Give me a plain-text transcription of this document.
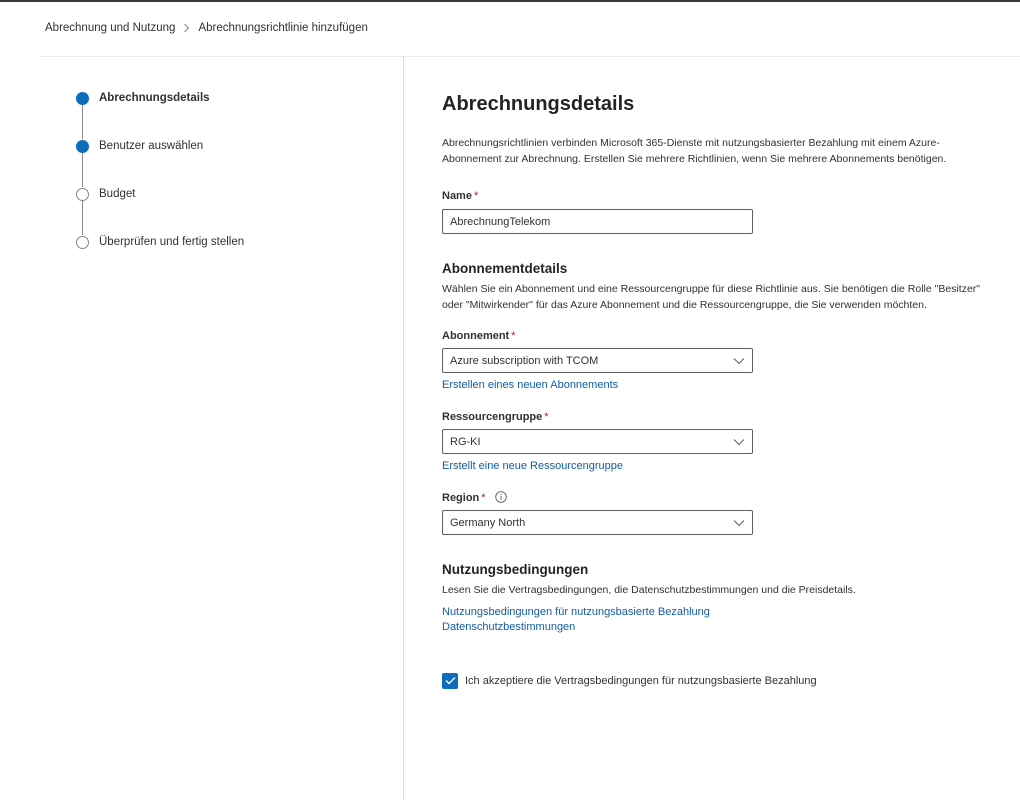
Abrechnung und Nutzung Abrechnungsrichtlinie hinzufügen
Abrechnungsdetails
Benutzer auswählen
Budget
Überprüfen und fertig stellen
Abrechnungsdetails

Abrechnungsrichtlinien verbinden Microsoft 365-Dienste mit nutzungsbasierter Bezahlung mit einem Azure-Abonnement zur Abrechnung. Erstellen Sie mehrere Richtlinien, wenn Sie mehrere Abonnements benötigen.

Name *
AbrechnungTelekom
Abonnementdetails

Wählen Sie ein Abonnement und eine Ressourcengruppe für diese Richtlinie aus. Sie benötigen die Rolle "Besitzer" oder "Mitwirkender" für das Azure Abonnement und die Ressourcengruppe, die Sie verwenden möchten.

Abonnement *
Azure subscription with TCOM
Erstellen eines neuen Abonnements
Ressourcengruppe *
RG-KI
Erstellt eine neue Ressourcengruppe
Region *
Germany North
Nutzungsbedingungen

Lesen Sie die Vertragsbedingungen, die Datenschutzbestimmungen und die Preisdetails.

Nutzungsbedingungen für nutzungsbasierte Bezahlung
Datenschutzbestimmungen
Ich akzeptiere die Vertragsbedingungen für nutzungsbasierte Bezahlung
